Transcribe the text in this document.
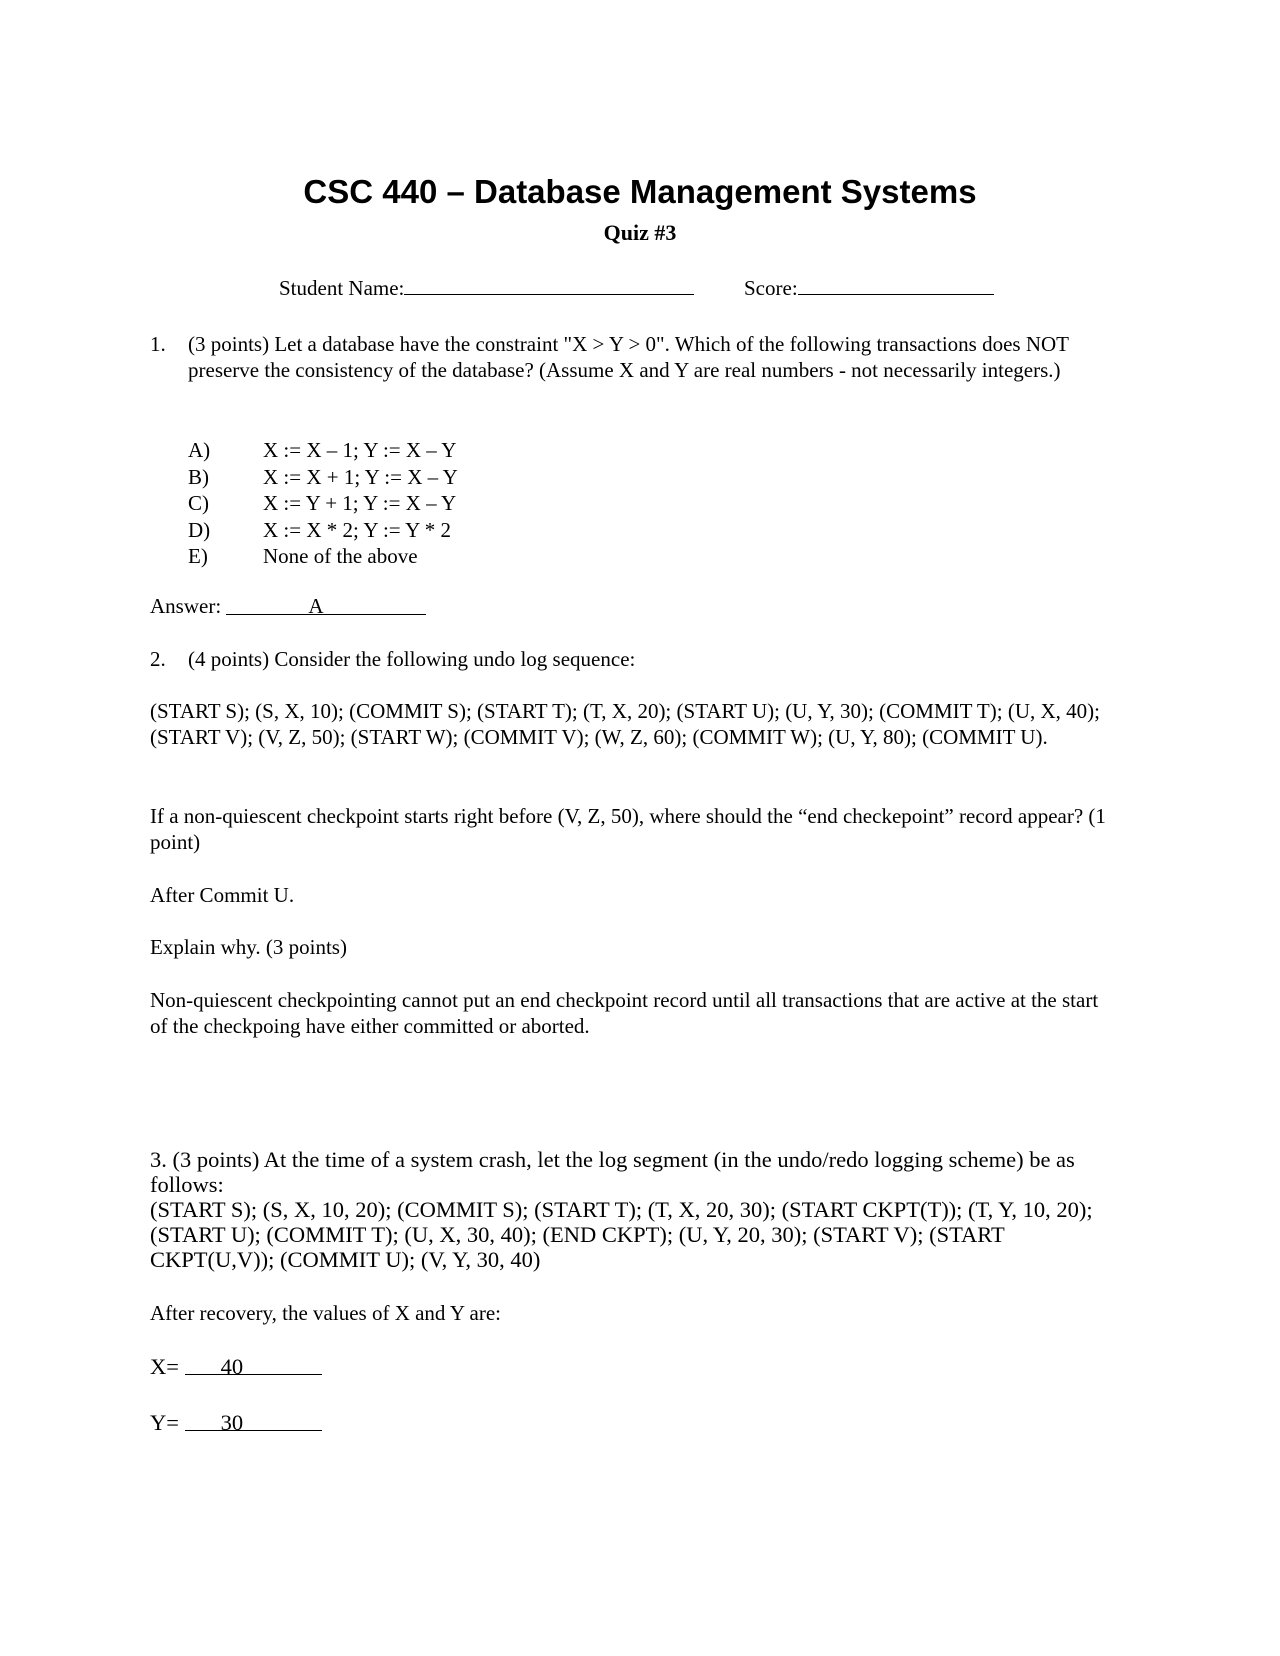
CSC 440 – Database Management Systems
Quiz #3
Student Name:	Score:
1. (3 points) Let a database have the constraint "X > Y > 0". Which of the following transactions does NOT preserve the consistency of the database? (Assume X and Y are real numbers - not necessarily integers.)
A)	X := X – 1; Y := X – Y
B)	X := X + 1; Y := X – Y
C)	X := Y + 1; Y := X – Y
D)	X := X * 2; Y := Y * 2
E)	None of the above
Answer:	A
2. (4 points) Consider the following undo log sequence:
(START S); (S, X, 10); (COMMIT S); (START T); (T, X, 20); (START U); (U, Y, 30); (COMMIT T); (U, X, 40); (START V); (V, Z, 50); (START W); (COMMIT V); (W, Z, 60); (COMMIT W); (U, Y, 80); (COMMIT U).
If a non-quiescent checkpoint starts right before (V, Z, 50), where should the “end checkepoint” record appear? (1 point)
After Commit U.
Explain why. (3 points)
Non-quiescent checkpointing cannot put an end checkpoint record until all transactions that are active at the start of the checkpoing have either committed or aborted.
3. (3 points) At the time of a system crash, let the log segment (in the undo/redo logging scheme) be as follows:
(START S); (S, X, 10, 20); (COMMIT S); (START T); (T, X, 20, 30); (START CKPT(T)); (T, Y, 10, 20); (START U); (COMMIT T); (U, X, 30, 40); (END CKPT); (U, Y, 20, 30); (START V); (START CKPT(U,V)); (COMMIT U); (V, Y, 30, 40)
After recovery, the values of X and Y are:
X= 40
Y= 30
